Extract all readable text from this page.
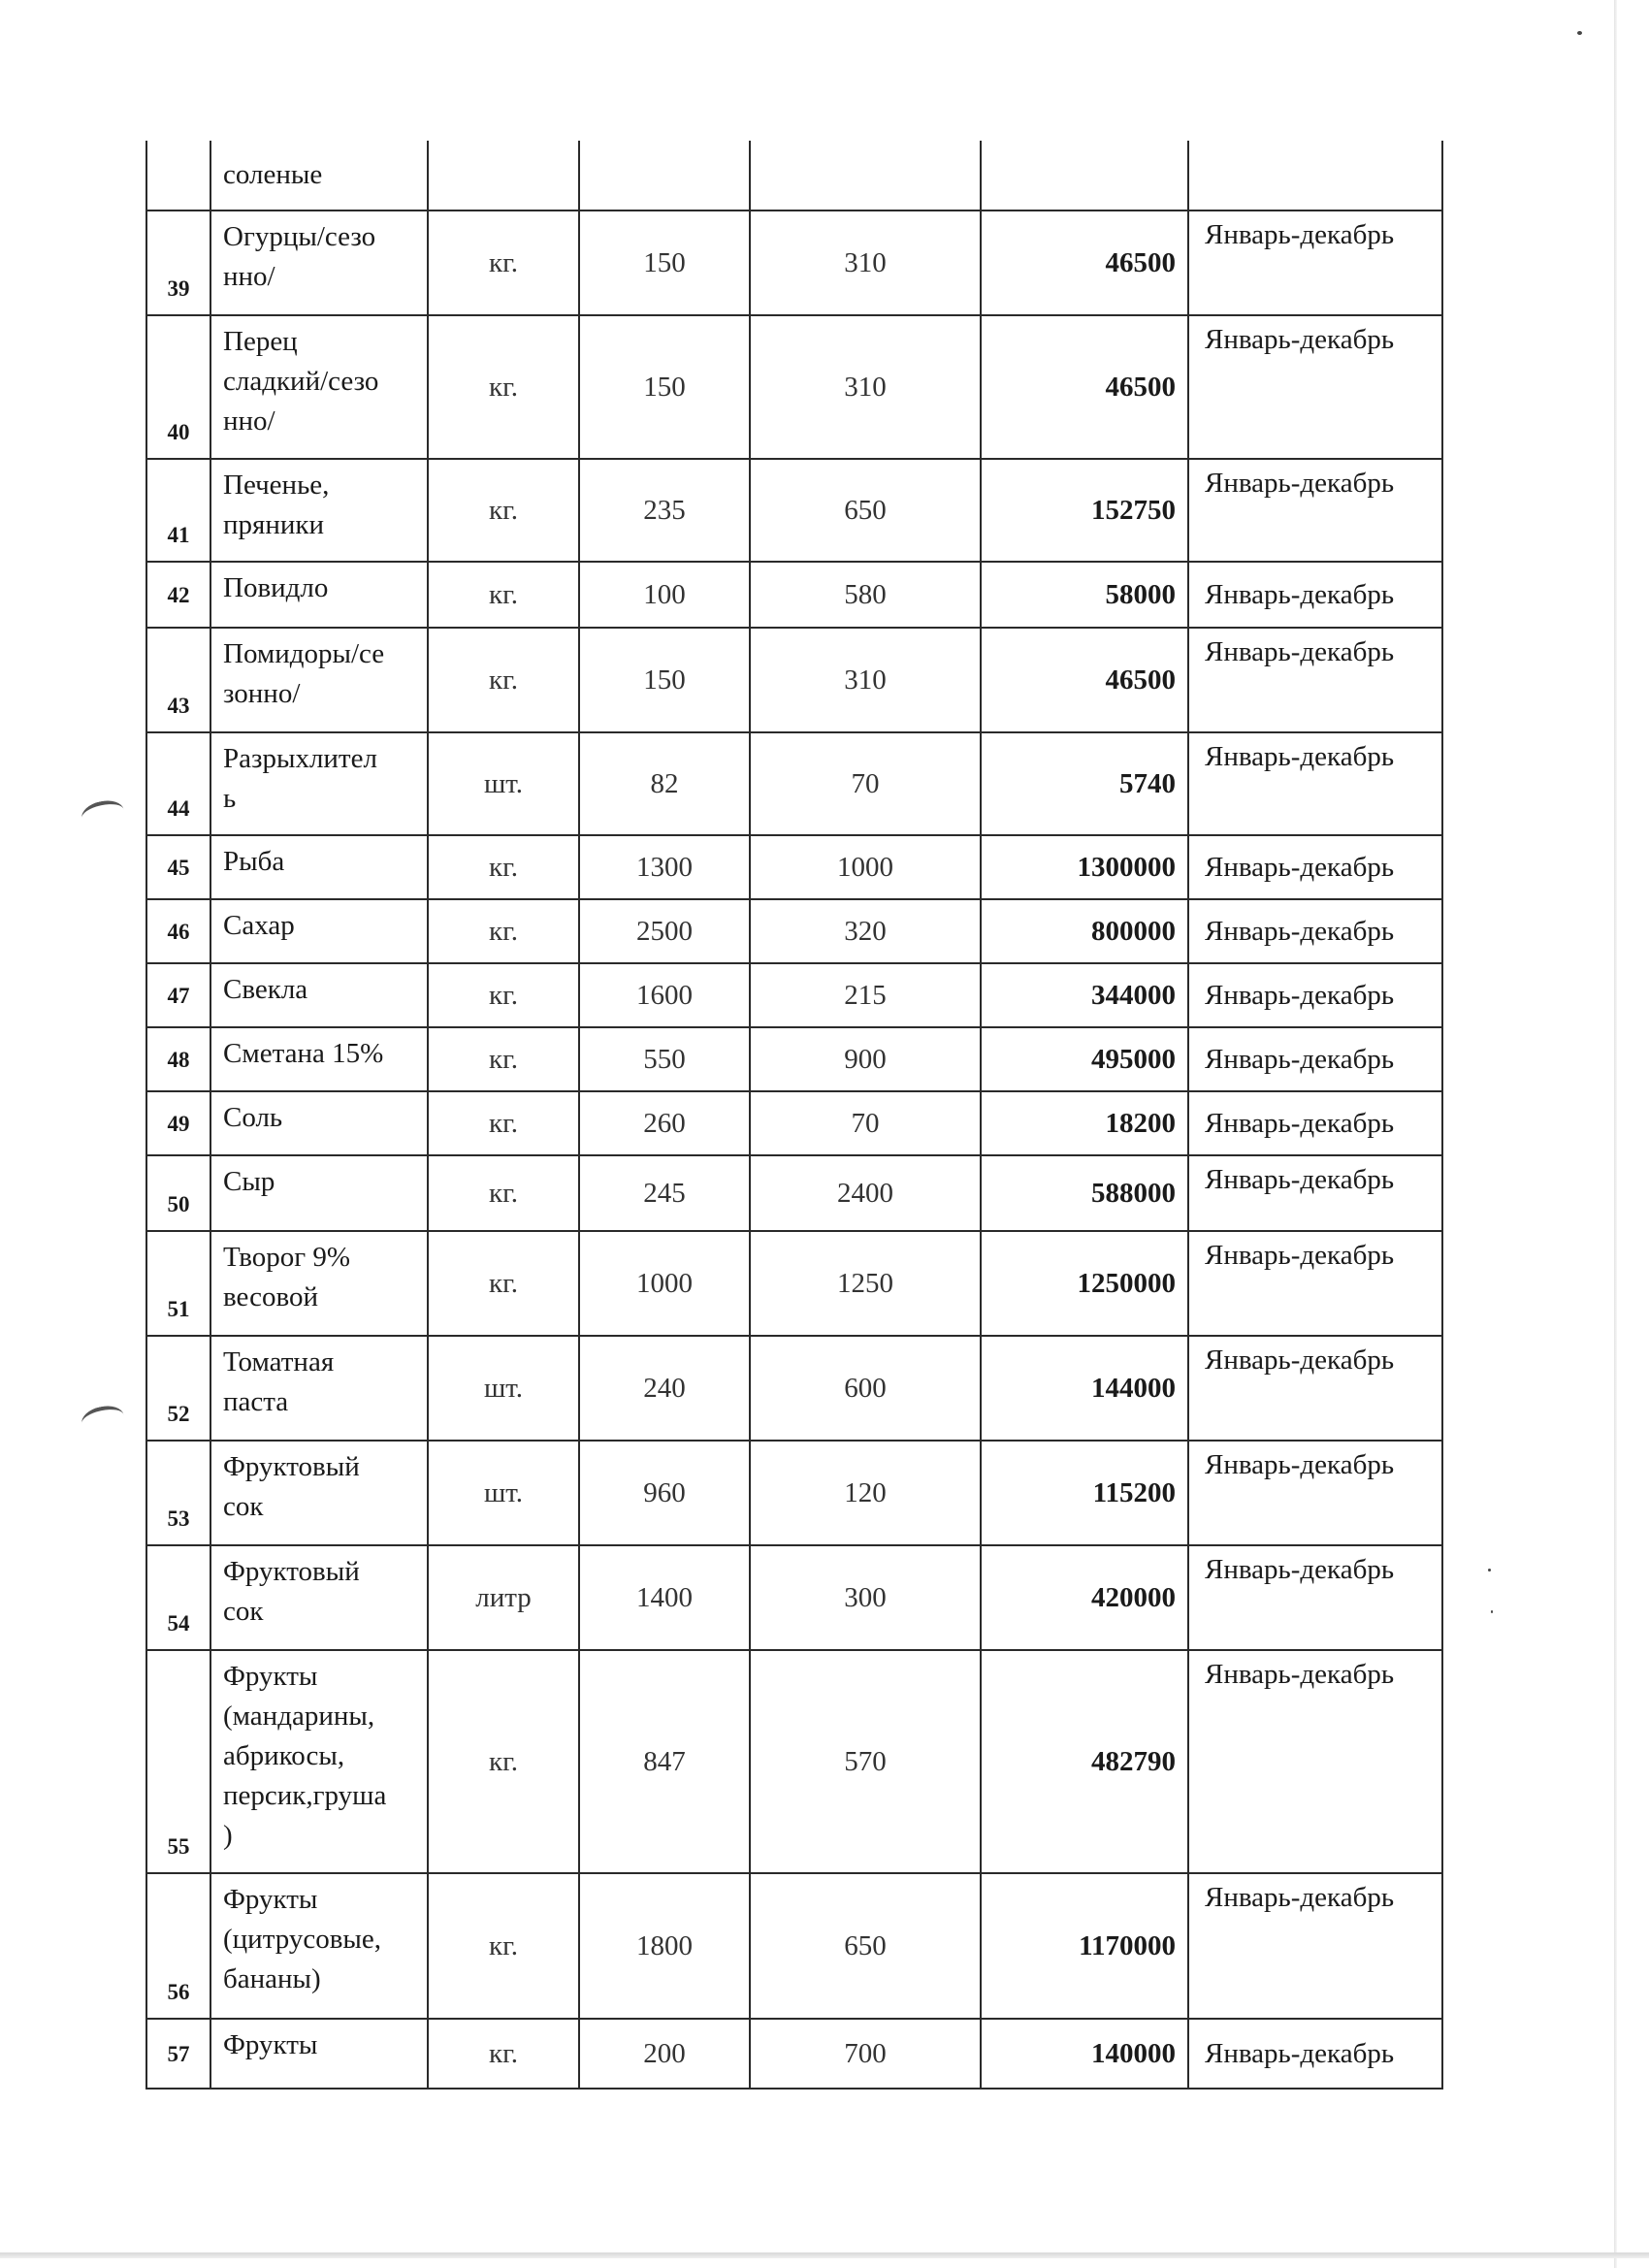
	соленые					

39	Огурцы/сезо
нно/	кг.	150	310	46500	Январь-декабрь
40	Перец
сладкий/сезо
нно/	кг.	150	310	46500	Январь-декабрь
41	Печенье,
пряники	кг.	235	650	152750	Январь-декабрь
42	Повидло	кг.	100	580	58000	Январь-декабрь
43	Помидоры/се
зонно/	кг.	150	310	46500	Январь-декабрь
44	Разрыхлител
ь	шт.	82	70	5740	Январь-декабрь
45	Рыба	кг.	1300	1000	1300000	Январь-декабрь
46	Сахар	кг.	2500	320	800000	Январь-декабрь
47	Свекла	кг.	1600	215	344000	Январь-декабрь
48	Сметана 15%	кг.	550	900	495000	Январь-декабрь
49	Соль	кг.	260	70	18200	Январь-декабрь
50	Сыр	кг.	245	2400	588000	Январь-декабрь
51	Творог 9%
весовой	кг.	1000	1250	1250000	Январь-декабрь
52	Томатная
паста	шт.	240	600	144000	Январь-декабрь
53	Фруктовый
сок	шт.	960	120	115200	Январь-декабрь
54	Фруктовый
сок	литр	1400	300	420000	Январь-декабрь
55	Фрукты
(мандарины,
абрикосы,
персик,груша
)	кг.	847	570	482790	Январь-декабрь
56	Фрукты
(цитрусовые,
бананы)	кг.	1800	650	1170000	Январь-декабрь
57	Фрукты	кг.	200	700	140000	Январь-декабрь
